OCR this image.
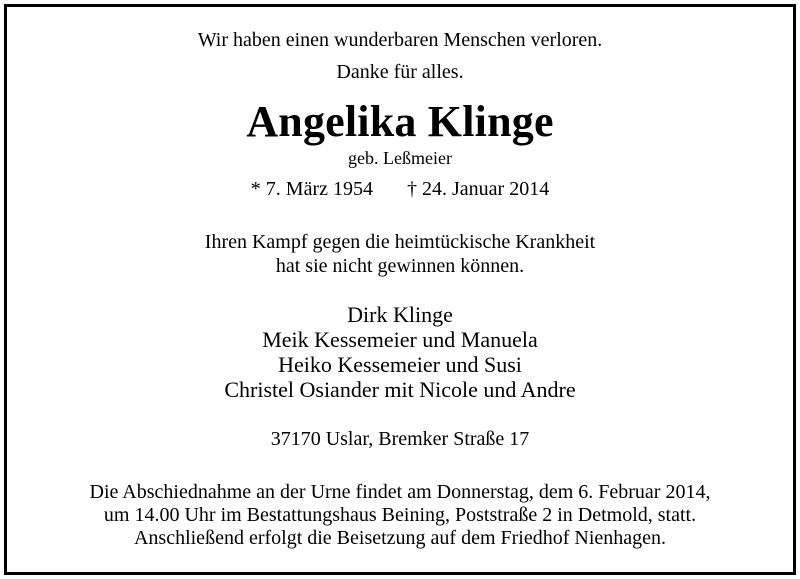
Wir haben einen wunderbaren Menschen verloren.
Danke für alles.
Angelika Klinge
geb. Leßmeier
* 7. März 1954 † 24. Januar 2014
Ihren Kampf gegen die heimtückische Krankheit
hat sie nicht gewinnen können.
Dirk Klinge
Meik Kessemeier und Manuela
Heiko Kessemeier und Susi
Christel Osiander mit Nicole und Andre
37170 Uslar, Bremker Straße 17
Die Abschiednahme an der Urne findet am Donnerstag, dem 6. Februar 2014,
um 14.00 Uhr im Bestattungshaus Beining, Poststraße 2 in Detmold, statt.
Anschließend erfolgt die Beisetzung auf dem Friedhof Nienhagen.
